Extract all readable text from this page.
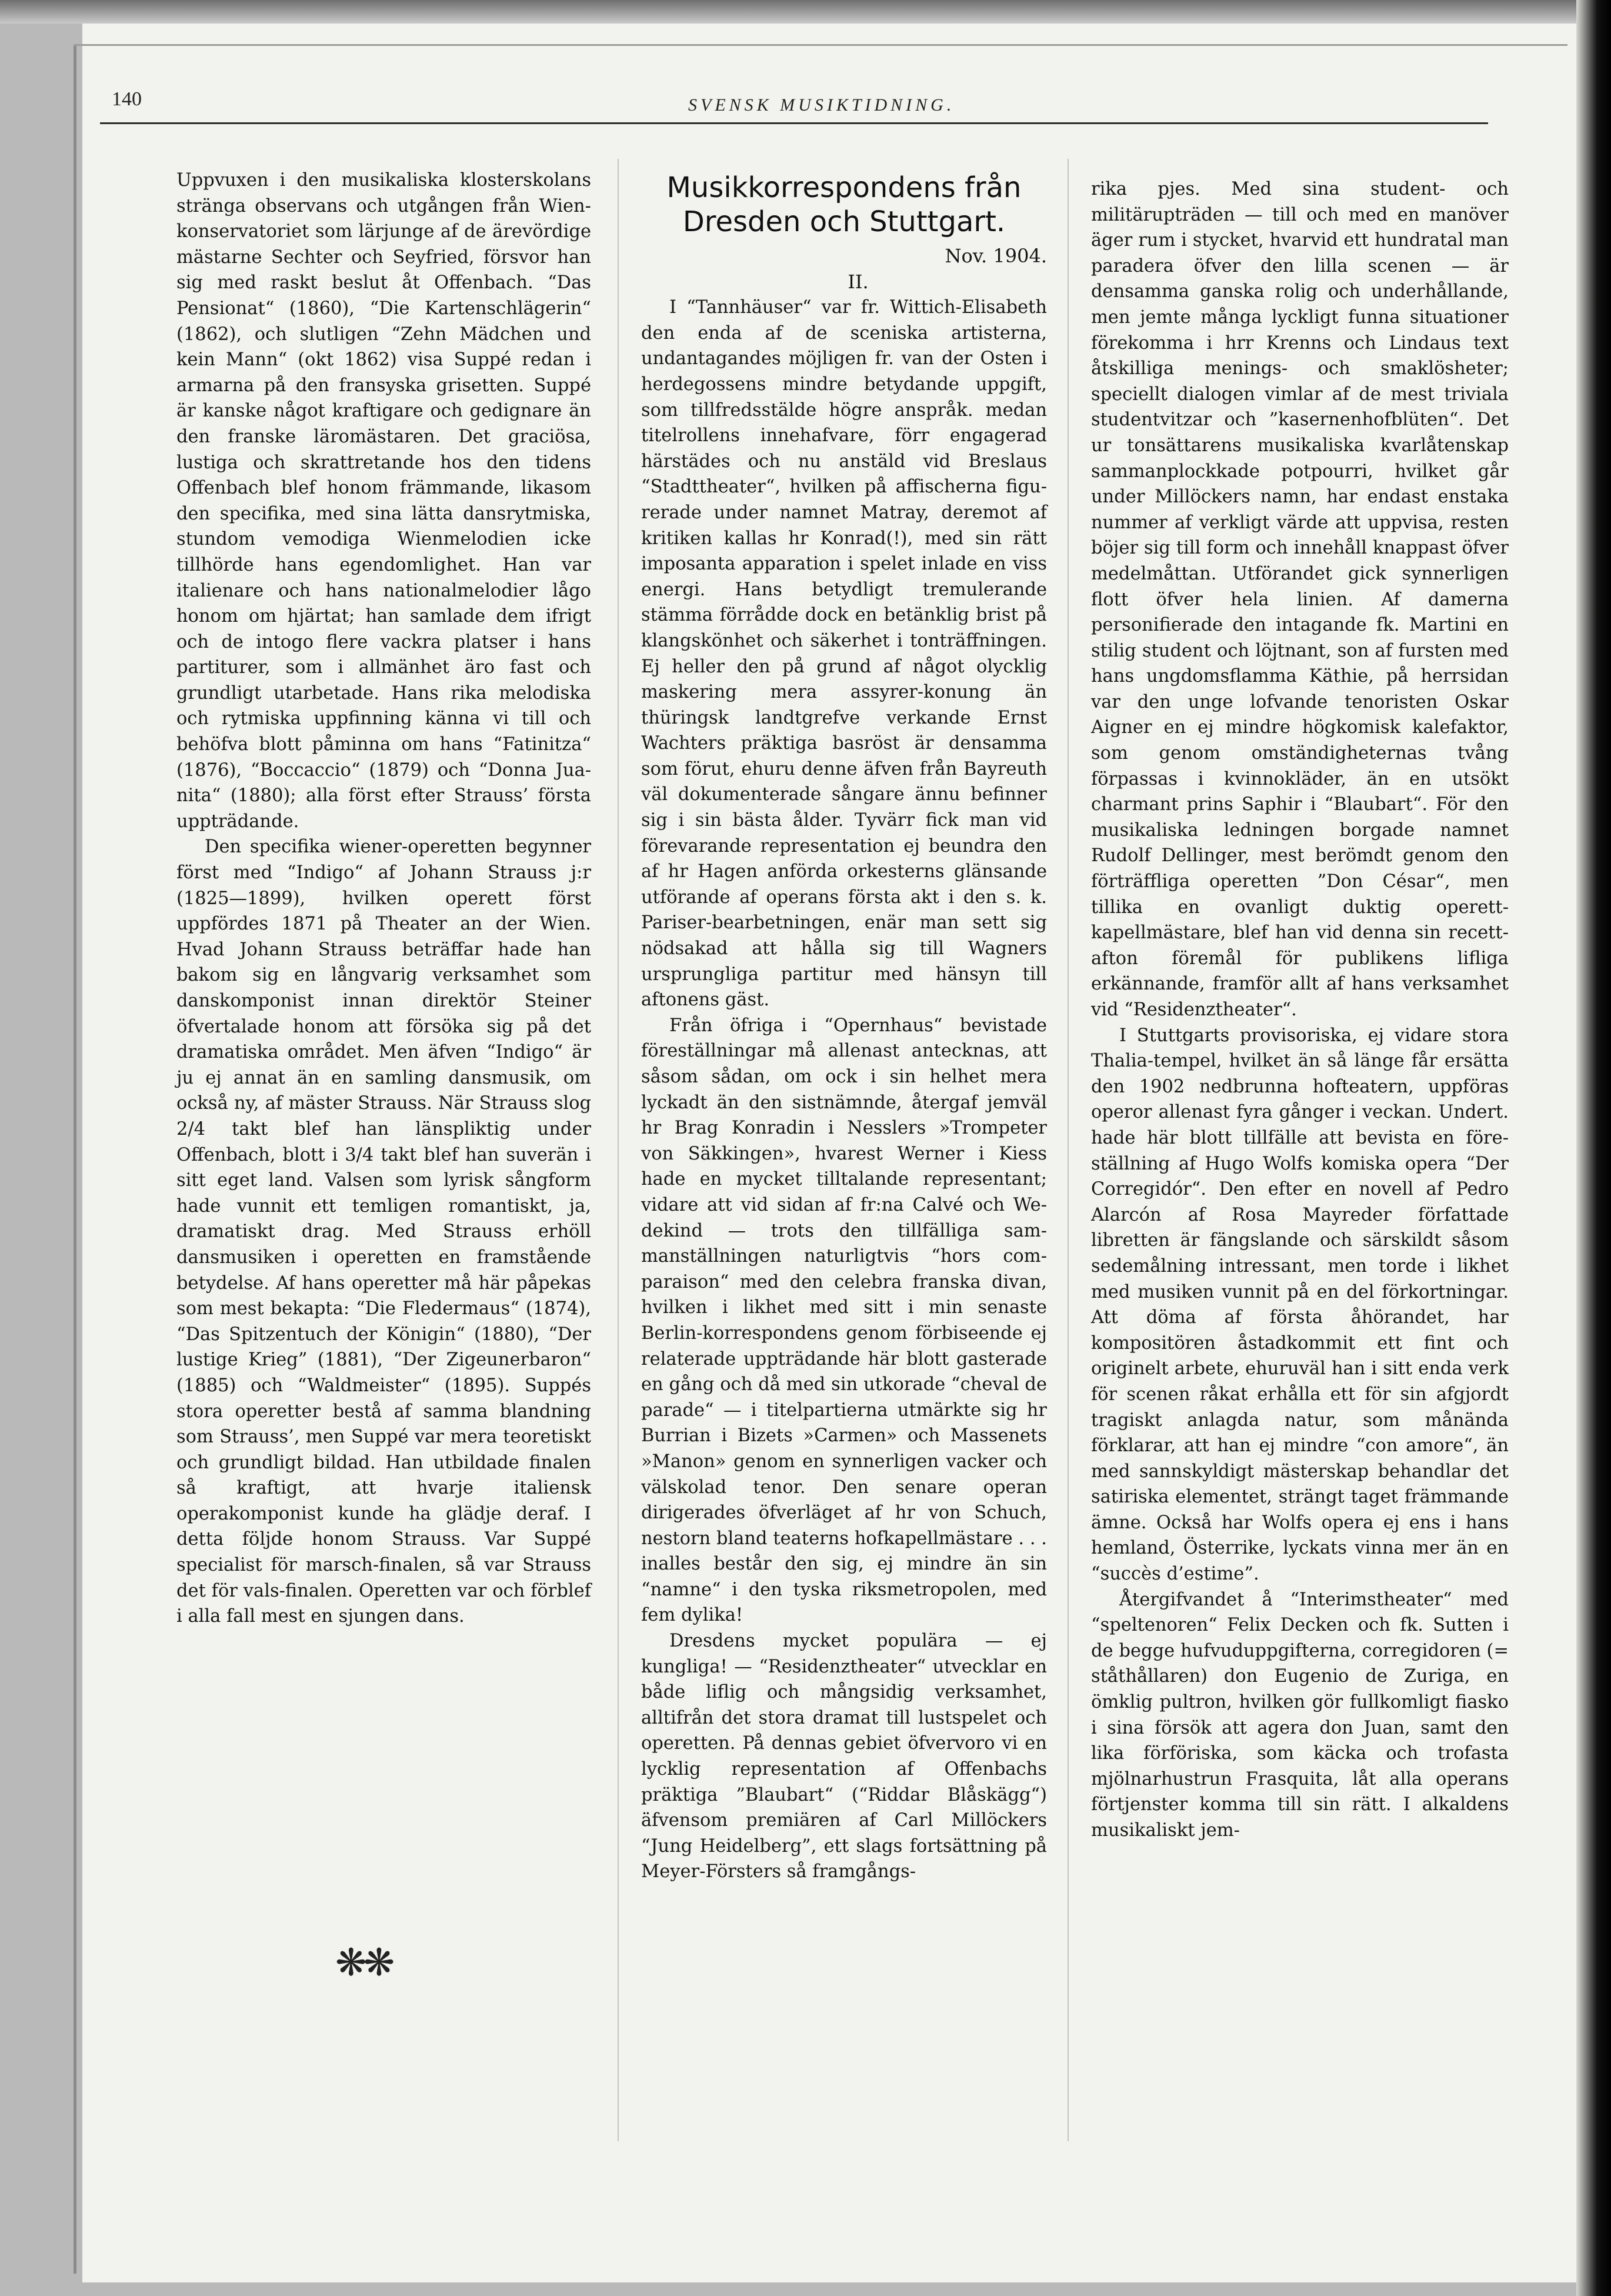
140	SVENSK MUSIKTIDNING.

Uppvuxen i den musikaliska klosterskolans stränga observans och utgången från Wien-konservatoriet som lärjunge af de ärevördige mästarne Sechter och Seyfried, försvor han sig med raskt beslut åt Offenbach. “Das Pensionat“ (1860), “Die Kartenschlägerin“ (1862), och slutligen “Zehn Mädchen und kein Mann“ (okt 1862) visa Suppé redan i armarna på den fransyska grisetten. Suppé är kanske något kraftigare och gedignare än den franske läromästaren. Det graciösa, lustiga och skrattretande hos den tidens Offenbach blef honom främmande, likasom den specifika, med sina lätta dansrytmiska, stundom vemodiga Wienmelodien icke tillhörde hans egendomlighet. Han var italienare och hans nationalmelodier lågo honom om hjärtat; han samlade dem ifrigt och de intogo flere vackra platser i hans partiturer, som i allmänhet äro fast och grundligt utarbetade. Hans rika melodiska och rytmiska uppfinning känna vi till och behöfva blott påminna om hans “Fatinitza“ (1876), “Boccaccio“ (1879) och “Donna Juanita“ (1880); alla först efter Strauss’ första uppträdande.

Den specifika wiener-operetten begynner först med “Indigo“ af Johann Strauss j:r (1825—1899), hvilken operett först uppfördes 1871 på Theater an der Wien. Hvad Johann Strauss beträffar hade han bakom sig en långvarig verksamhet som danskomponist innan direktör Steiner öfvertalade honom att försöka sig på det dramatiska området. Men äfven “Indigo“ är ju ej annat än en samling dansmusik, om också ny, af mäster Strauss. När Strauss slog 2/4 takt blef han länspliktig under Offenbach, blott i 3/4 takt blef han suverän i sitt eget land. Valsen som lyrisk sångform hade vunnit ett temligen romantiskt, ja, dramatiskt drag. Med Strauss erhöll dansmusiken i operetten en framstående betydelse. Af hans operetter må här påpekas som mest bekapta: “Die Fledermaus“ (1874), “Das Spitzentuch der Königin“ (1880), “Der lustige Krieg” (1881), “Der Zigeunerbaron“ (1885) och “Waldmeister“ (1895). Suppés stora operetter bestå af samma blandning som Strauss’, men Suppé var mera teoretiskt och grundligt bildad. Han utbildade finalen så kraftigt, att hvarje italiensk operakomponist kunde ha glädje deraf. I detta följde honom Strauss. Var Suppé specialist för marsch-finalen, så var Strauss det för vals-finalen. Operetten var och förblef i alla fall mest en sjungen dans.

❋❋
Musikkorrespondens från Dresden och Stuttgart.

Nov. 1904.

II.

I “Tannhäuser“ var fr. Wittich-Elisabeth den enda af de sceniska artisterna, undantagandes möjligen fr. van der Osten i herdegossens mindre betydande uppgift, som tillfredsstälde högre anspråk. medan titelrollens innehafvare, förr engagerad härstädes och nu anstäld vid Breslaus “Stadttheater“, hvilken på affischerna figurerade under namnet Matray, deremot af kritiken kallas hr Konrad(!), med sin rätt imposanta apparation i spelet inlade en viss energi. Hans betydligt tremulerande stämma förrådde dock en betänklig brist på klangskönhet och säkerhet i tonträffningen. Ej heller den på grund af något olycklig maskering mera assyrer-konung än thüringsk landtgrefve verkande Ernst Wachters präktiga basröst är densamma som förut, ehuru denne äfven från Bayreuth väl dokumenterade sångare ännu befinner sig i sin bästa ålder. Tyvärr fick man vid förevarande representation ej beundra den af hr Hagen anförda orkesterns glänsande utförande af operans första akt i den s. k. Pariser-bearbetningen, enär man sett sig nödsakad att hålla sig till Wagners ursprungliga partitur med hänsyn till aftonens gäst.

Från öfriga i “Opernhaus“ bevistade föreställningar må allenast antecknas, att såsom sådan, om ock i sin helhet mera lyckadt än den sistnämnde, återgaf jemväl hr Brag Konradin i Nesslers »Trompeter von Säkkingen», hvarest Werner i Kiess hade en mycket tilltalande representant; vidare att vid sidan af fr:na Calvé och Wedekind — trots den tillfälliga sammanställningen naturligtvis “hors comparaison“ med den celebra franska divan, hvilken i likhet med sitt i min senaste Berlin-korrespondens genom förbiseende ej relaterade uppträdande här blott gasterade en gång och då med sin utkorade “cheval de parade“ — i titelpartierna utmärkte sig hr Burrian i Bizets »Carmen» och Massenets »Manon» genom en synnerligen vacker och välskolad tenor. Den senare operan dirigerades öfverläget af hr von Schuch, nestorn bland teaterns hofkapellmästare . . . inalles består den sig, ej mindre än sin “namne“ i den tyska riksmetropolen, med fem dylika!

Dresdens mycket populära — ej kungliga! — “Residenztheater“ utvecklar en både liflig och mångsidig verksamhet, alltifrån det stora dramat till lustspelet och operetten. På dennas gebiet öfvervoro vi en lycklig representation af Offenbachs präktiga ”Blaubart“ (“Riddar Blåskägg“) äfvensom premiären af Carl Millöckers “Jung Heidelberg”, ett slags fortsättning på Meyer-Försters så framgångs-

rika pjes. Med sina student- och militärupträden — till och med en manöver äger rum i stycket, hvarvid ett hundratal man paradera öfver den lilla scenen — är densamma ganska rolig och underhållande, men jemte många lyckligt funna situationer förekomma i hrr Krenns och Lindaus text åtskilliga menings- och smaklösheter; speciellt dialogen vimlar af de mest triviala studentvitzar och ”kasernenhofblüten“. Det ur tonsättarens musikaliska kvarlåtenskap sammanplockkade potpourri, hvilket går under Millöckers namn, har endast enstaka nummer af verkligt värde att uppvisa, resten böjer sig till form och innehåll knappast öfver medelmåttan. Utförandet gick synnerligen flott öfver hela linien. Af damerna personifierade den intagande fk. Martini en stilig student och löjtnant, son af fursten med hans ungdomsflamma Käthie, på herrsidan var den unge lofvande tenoristen Oskar Aigner en ej mindre högkomisk kalefaktor, som genom omständigheternas tvång förpassas i kvinnokläder, än en utsökt charmant prins Saphir i “Blaubart“. För den musikaliska ledningen borgade namnet Rudolf Dellinger, mest berömdt genom den förträffliga operetten ”Don César“, men tillika en ovanligt duktig operettkapellmästare, blef han vid denna sin recett-afton föremål för publikens lifliga erkännande, framför allt af hans verksamhet vid “Residenztheater“.

I Stuttgarts provisoriska, ej vidare stora Thalia-tempel, hvilket än så länge får ersätta den 1902 nedbrunna hofteatern, uppföras operor allenast fyra gånger i veckan. Undert. hade här blott tillfälle att bevista en föreställning af Hugo Wolfs komiska opera “Der Corregidór“. Den efter en novell af Pedro Alarcón af Rosa Mayreder författade libretten är fängslande och särskildt såsom sedemålning intressant, men torde i likhet med musiken vunnit på en del förkortningar. Att döma af första åhörandet, har kompositören åstadkommit ett fint och originelt arbete, ehuruväl han i sitt enda verk för scenen råkat erhålla ett för sin afgjordt tragiskt anlagda natur, som månända förklarar, att han ej mindre “con amore“, än med sannskyldigt mästerskap behandlar det satiriska elementet, strängt taget främmande ämne. Också har Wolfs opera ej ens i hans hemland, Österrike, lyckats vinna mer än en “succès d’estime”.

Återgifvandet å “Interimstheater“ med “speltenoren“ Felix Decken och fk. Sutten i de begge hufvuduppgifterna, corregidoren (= ståthållaren) don Eugenio de Zuriga, en ömklig pultron, hvilken gör fullkomligt fiasko i sina försök att agera don Juan, samt den lika förföriska, som käcka och trofasta mjölnarhustrun Frasquita, låt alla operans förtjenster komma till sin rätt. I alkaldens musikaliskt jem-
